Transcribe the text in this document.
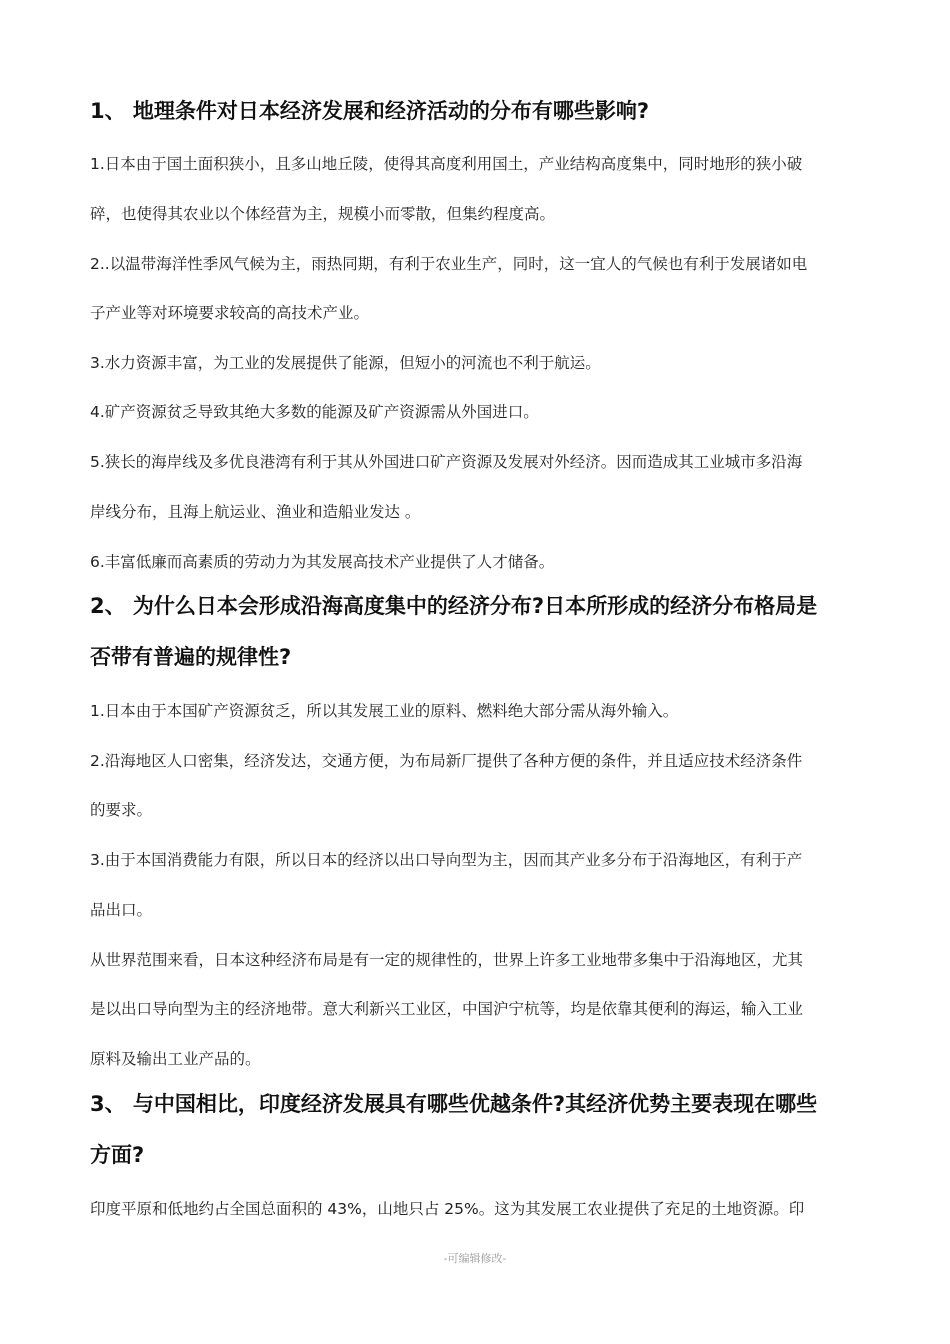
1、 地理条件对日本经济发展和经济活动的分布有哪些影响?
1.日本由于国土面积狭小，且多山地丘陵，使得其高度利用国土，产业结构高度集中，同时地形的狭小破
碎，也使得其农业以个体经营为主，规模小而零散，但集约程度高。
2..以温带海洋性季风气候为主，雨热同期，有利于农业生产，同时，这一宜人的气候也有利于发展诸如电
子产业等对环境要求较高的高技术产业。
3.水力资源丰富，为工业的发展提供了能源，但短小的河流也不利于航运。
4.矿产资源贫乏导致其绝大多数的能源及矿产资源需从外国进口。
5.狭长的海岸线及多优良港湾有利于其从外国进口矿产资源及发展对外经济。因而造成其工业城市多沿海
岸线分布，且海上航运业、渔业和造船业发达 。
6.丰富低廉而高素质的劳动力为其发展高技术产业提供了人才储备。
2、 为什么日本会形成沿海高度集中的经济分布?日本所形成的经济分布格局是
否带有普遍的规律性?
1.日本由于本国矿产资源贫乏，所以其发展工业的原料、燃料绝大部分需从海外输入。
2.沿海地区人口密集，经济发达，交通方便，为布局新厂提供了各种方便的条件，并且适应技术经济条件
的要求。
3.由于本国消费能力有限，所以日本的经济以出口导向型为主，因而其产业多分布于沿海地区，有利于产
品出口。
从世界范围来看，日本这种经济布局是有一定的规律性的，世界上许多工业地带多集中于沿海地区，尤其
是以出口导向型为主的经济地带。意大利新兴工业区，中国沪宁杭等，均是依靠其便利的海运，输入工业
原料及输出工业产品的。
3、 与中国相比，印度经济发展具有哪些优越条件?其经济优势主要表现在哪些
方面?
印度平原和低地约占全国总面积的 43%，山地只占 25%。这为其发展工农业提供了充足的土地资源。印
-可编辑修改-
